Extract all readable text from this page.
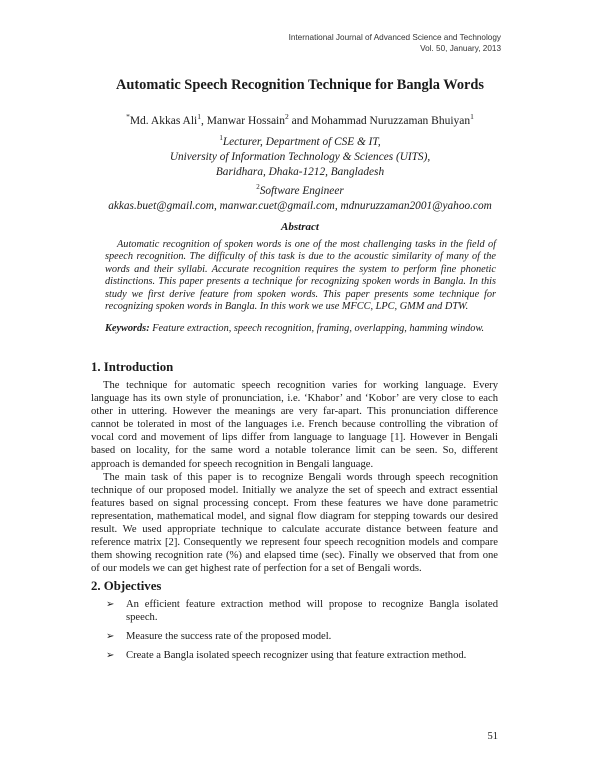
International Journal of Advanced Science and Technology
Vol. 50, January, 2013
Automatic Speech Recognition Technique for Bangla Words
*Md. Akkas Ali$^1$, Manwar Hossain$^2$ and Mohammad Nuruzzaman Bhuiyan$^1$
$^1$Lecturer, Department of CSE & IT,
University of Information Technology & Sciences (UITS),
Baridhara, Dhaka-1212, Bangladesh
$^2$Software Engineer
akkas.buet@gmail.com, manwar.cuet@gmail.com, mdnuruzzaman2001@yahoo.com
Abstract

Automatic recognition of spoken words is one of the most challenging tasks in the field of speech recognition. The difficulty of this task is due to the acoustic similarity of many of the words and their syllabi. Accurate recognition requires the system to perform fine phonetic distinctions. This paper presents a technique for recognizing spoken words in Bangla. In this study we first derive feature from spoken words. This paper presents some technique for recognizing spoken words in Bangla. In this work we use MFCC, LPC, GMM and DTW.

Keywords: Feature extraction, speech recognition, framing, overlapping, hamming window.

1. Introduction

The technique for automatic speech recognition varies for working language. Every language has its own style of pronunciation, i.e. ‘Khabor’ and ‘Kobor’ are very close to each other in uttering. However the meanings are very far-apart. This pronunciation difference cannot be tolerated in most of the languages i.e. French because controlling the vibration of vocal cord and movement of lips differ from language to language [1]. However in Bengali based on locality, for the same word a notable tolerance limit can be seen. So, different approach is demanded for speech recognition in Bengali language.

The main task of this paper is to recognize Bengali words through speech recognition technique of our proposed model. Initially we analyze the set of speech and extract essential features based on signal processing concept. From these features we have done parametric representation, mathematical model, and signal flow diagram for stepping towards our desired result. We used appropriate technique to calculate accurate distance between feature and reference matrix [2]. Consequently we represent four speech recognition models and compare them showing recognition rate (%) and elapsed time (sec). Finally we observed that from one of our models we can get highest rate of perfection for a set of Bengali words.

2. Objectives
➢ An efficient feature extraction method will propose to recognize Bangla isolated speech.
➢ Measure the success rate of the proposed model.
➢ Create a Bangla isolated speech recognizer using that feature extraction method.
51
